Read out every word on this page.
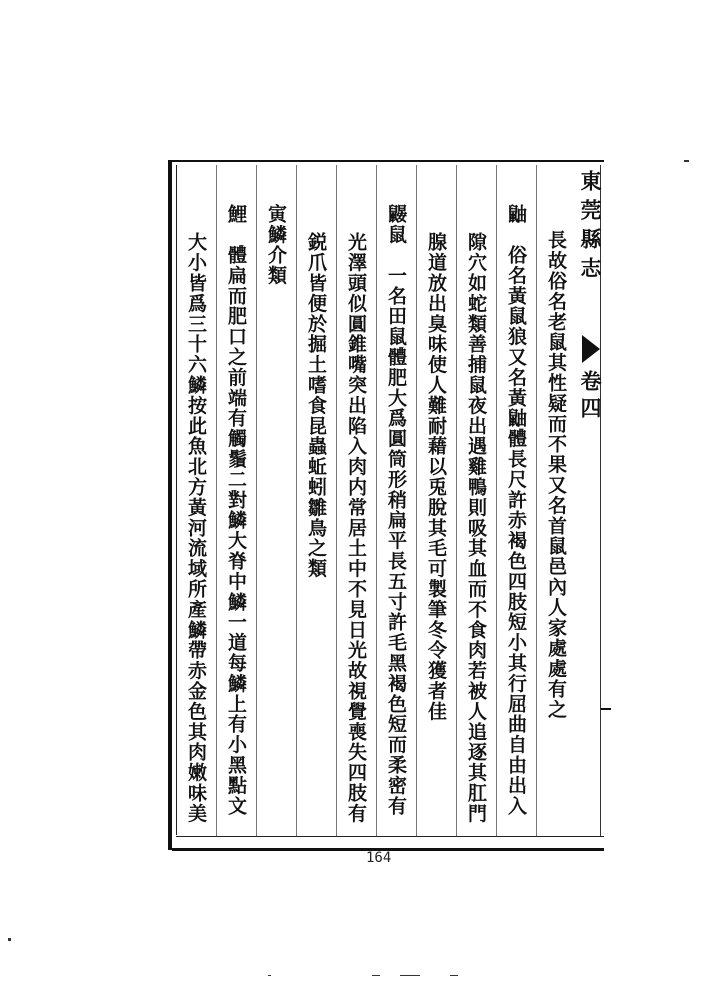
東莞縣志
卷四
長故俗名老鼠其性疑而不果又名首鼠邑內人家處處有之
鼬　俗名黃鼠狼又名黃鼬體長尺許赤褐色四肢短小其行屈曲自由出入
隙穴如蛇類善捕鼠夜出遇雞鴨則吸其血而不食肉若被人追逐其肛門
腺道放出臭味使人難耐藉以兎脫其毛可製筆冬令獲者佳
鼹鼠　一名田鼠體肥大爲圓筒形稍扁平長五寸許毛黑褐色短而柔密有
光澤頭似圓錐嘴突出陷入肉内常居土中不見日光故視覺喪失四肢有
鋭爪皆便於掘土嗜食昆蟲蚯蚓雛鳥之類
寅鱗介類
鯉　體扁而肥口之前端有觸鬚二對鱗大脊中鱗一道每鱗上有小黑點文
大小皆爲三十六鱗按此魚北方黃河流域所產鱗帶赤金色其肉嫩味美
164
